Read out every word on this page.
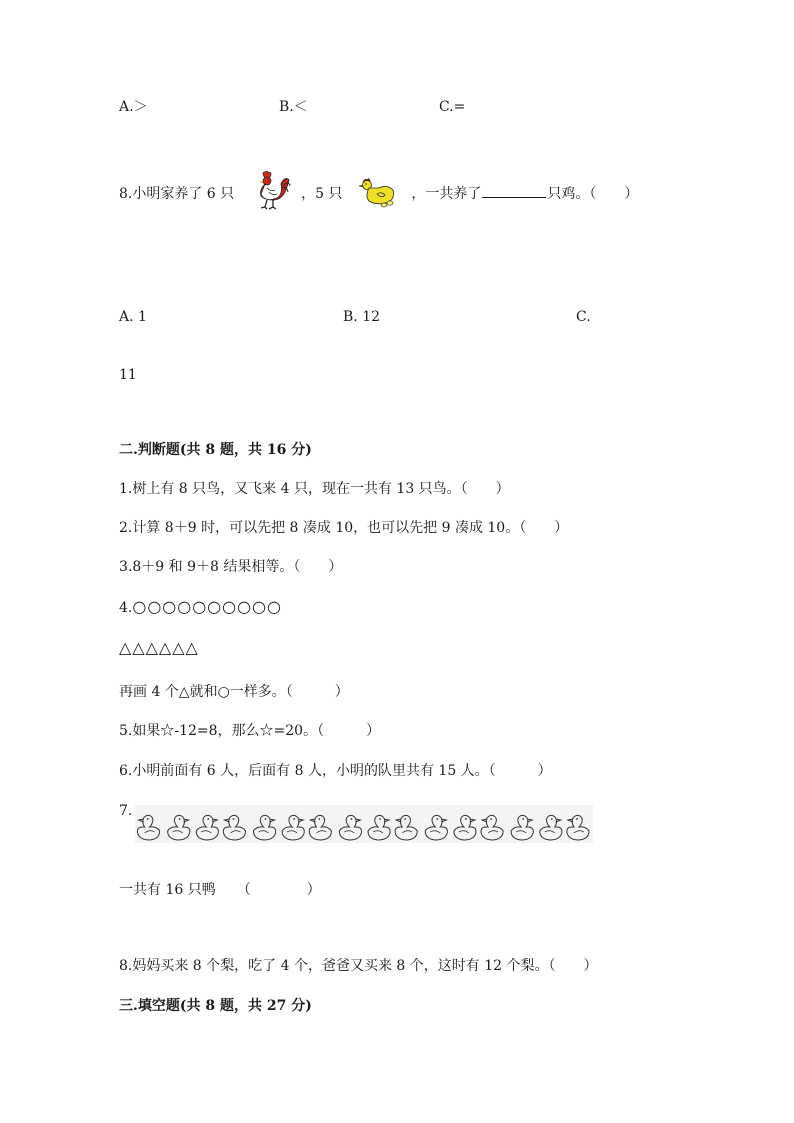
A.＞	B.＜	C.=
8.小明家养了 6 只	，5 只	，一共养了	只鸡。（　　）
A. 1	B. 12	C.
11
二.判断题(共 8 题，共 16 分)
1.树上有 8 只鸟，又飞来 4 只，现在一共有 13 只鸟。（　　）
2.计算 8＋9 时，可以先把 8 凑成 10，也可以先把 9 凑成 10。（　　）
3.8＋9 和 9＋8 结果相等。（　　）
4.○○○○○○○○○○
△△△△△△
再画 4 个△就和○一样多。（　　　）
5.如果☆-12=8，那么☆=20。（　　　）
6.小明前面有 6 人，后面有 8 人，小明的队里共有 15 人。（　　　）
7.
一共有 16 只鸭　　（　　　　）
8.妈妈买来 8 个梨，吃了 4 个，爸爸又买来 8 个，这时有 12 个梨。（　　）
三.填空题(共 8 题，共 27 分)
